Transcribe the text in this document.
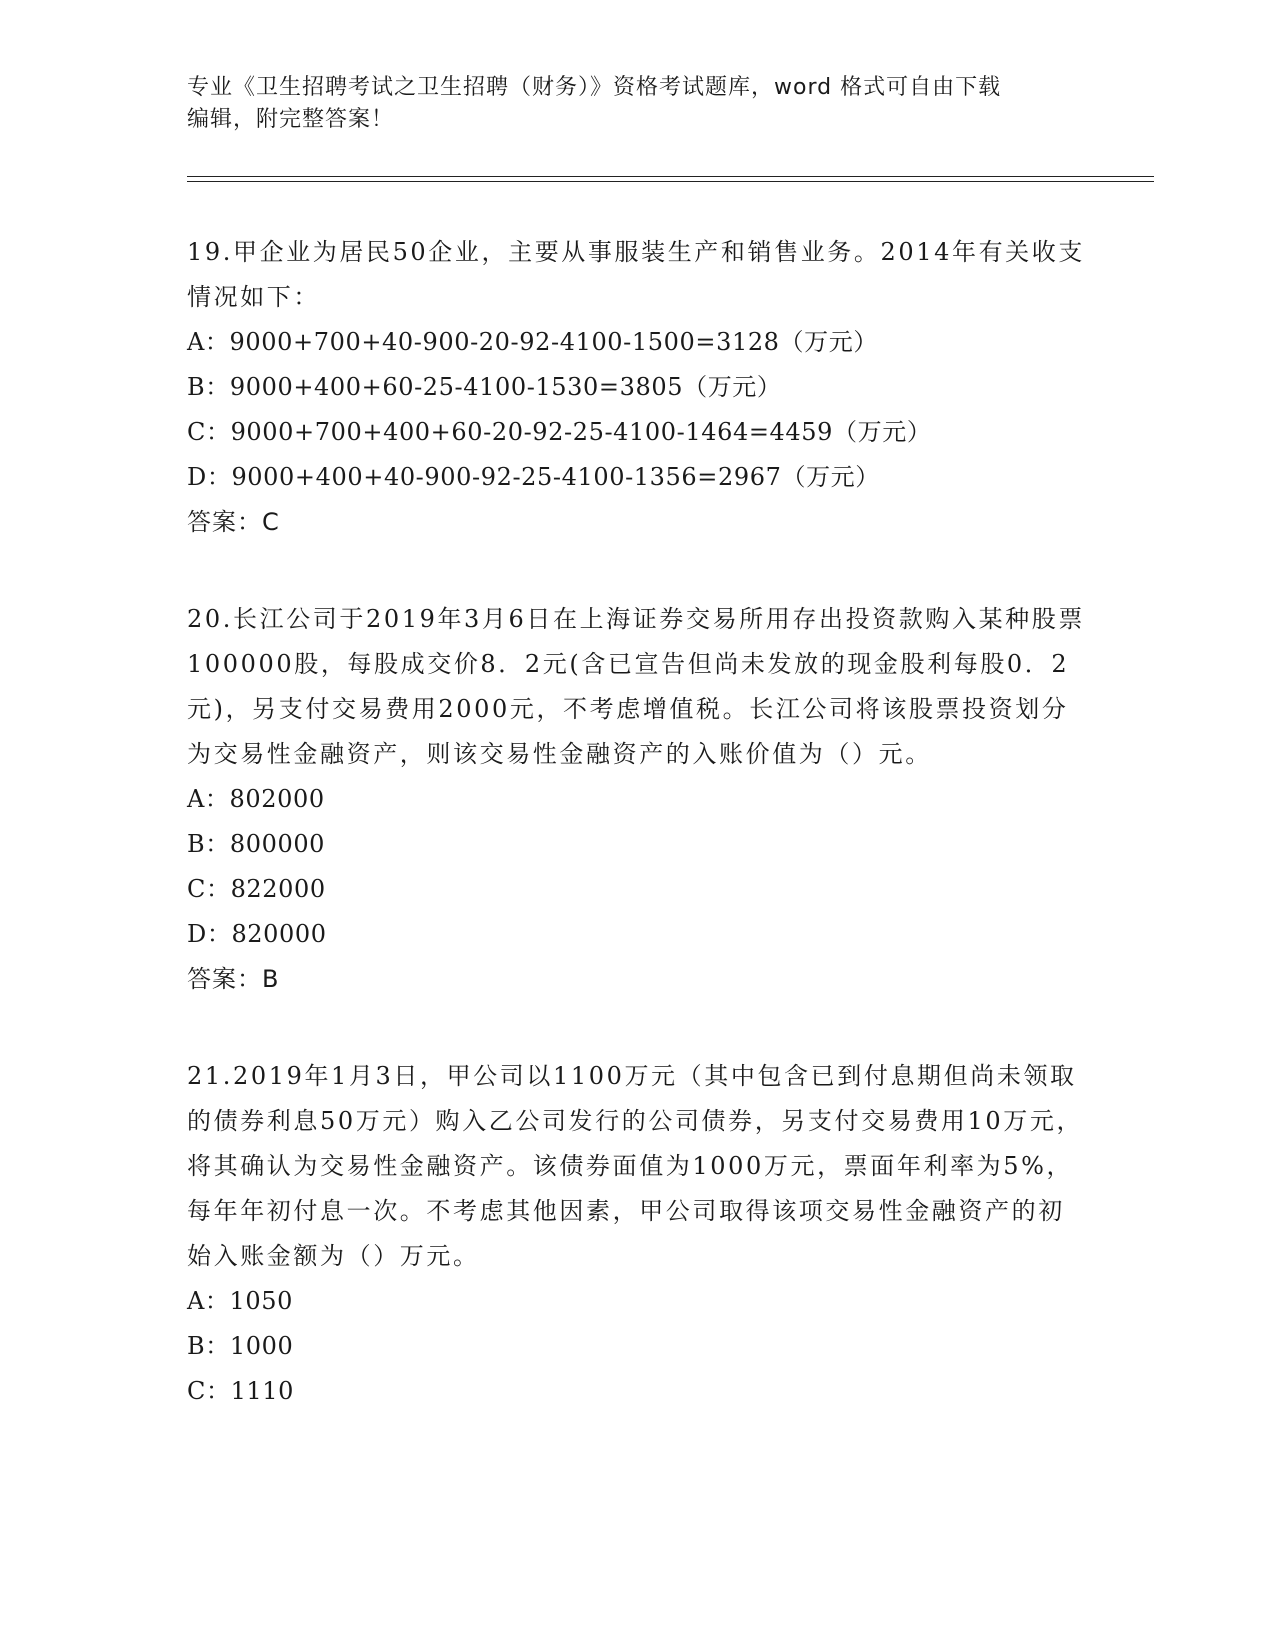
专业《卫生招聘考试之卫生招聘（财务）》资格考试题库，word 格式可自由下载
编辑，附完整答案！
19.甲企业为居民50企业，主要从事服装生产和销售业务。2014年有关收支情况如下：
A：9000+700+40-900-20-92-4100-1500=3128（万元）
B：9000+400+60-25-4100-1530=3805（万元）
C：9000+700+400+60-20-92-25-4100-1464=4459（万元）
D：9000+400+40-900-92-25-4100-1356=2967（万元）
答案：C
20.长江公司于2019年3月6日在上海证券交易所用存出投资款购入某种股票100000股，每股成交价8．2元(含已宣告但尚未发放的现金股利每股0．2元)，另支付交易费用2000元，不考虑增值税。长江公司将该股票投资划分为交易性金融资产，则该交易性金融资产的入账价值为（）元。
A：802000
B：800000
C：822000
D：820000
答案：B
21.2019年1月3日，甲公司以1100万元（其中包含已到付息期但尚未领取的债券利息50万元）购入乙公司发行的公司债券，另支付交易费用10万元，将其确认为交易性金融资产。该债券面值为1000万元，票面年利率为5%，每年年初付息一次。不考虑其他因素，甲公司取得该项交易性金融资产的初始入账金额为（）万元。
A：1050
B：1000
C：1110
